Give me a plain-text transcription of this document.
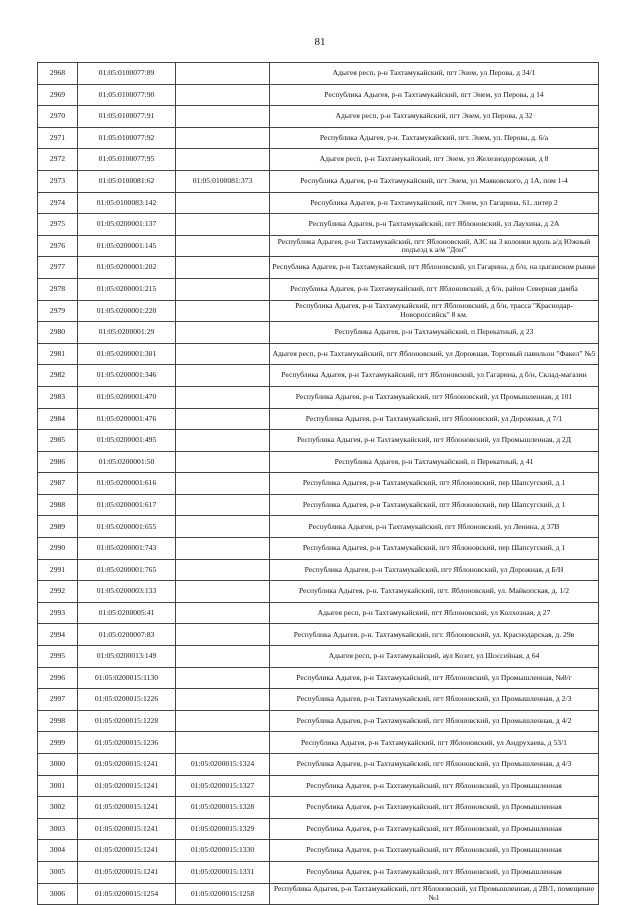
81
2968	01:05:0100077:89		Адыгея респ, р-н Тахтамукайский, пгт Энем, ул Перова, д 34/1
2969	01:05:0100077:90		Республика Адыгея, р-н Тахтамукайский, пгт Энем, ул Перова, д 14
2970	01:05:0100077:91		Адыгея респ, р-н Тахтамукайский, пгт Энем, ул Перова, д 32
2971	01:05:0100077:92		Республика Адыгея, р-н. Тахтамукайский, пгт. Энем, ул. Перова, д. 6/а
2972	01:05:0100077:95		Адыгея респ, р-н Тахтамукайский, пгт Энем, ул Железнодорожная, д 8
2973	01:05:0100081:62	01:05:0100081:373	Республика Адыгея, р-н Тахтамукайский, пгт Энем, ул Маяковского, д 1А, пом 1-4
2974	01:05:0100083:142		Республика Адыгея, р-н Тахтамукайский, пгт Энем, ул Гагарина, 61, литер 2
2975	01:05:0200001:137		Республика Адыгея, р-н Тахтамукайский, пгт Яблоновский, ул Лаухина, д 2А
2976	01:05:0200001:145		Республика Адыгея, р-н Тахтамукайский, пгт Яблоновский, АЗС на 3 колонки вдоль а/д Южный подъезд к а/м "Дон"
2977	01:05:0200001:202		Республика Адыгея, р-н Тахтамукайский, пгт Яблоновский, ул Гагарина, д б/н, на цыганском рынке
2978	01:05:0200001:215		Республика Адыгея, р-н Тахтамукайский, пгт Яблоновский, д б/н, район Северная дамба
2979	01:05:0200001:220		Республика Адыгея, р-н Тахтамукайский, пгт Яблоновский, д б/н, трасса "Краснодар-Новороссийск" 8 км.
2980	01:05:0200001:29		Республика Адыгея, р-н Тахтамукайский, п Перекатный, д 23
2981	01:05:0200001:301		Адыгея респ, р-н Тахтамукайский, пгт Яблоновский, ул Дорожная, Торговый павильон "Факел" №5
2982	01:05:0200001:346		Республика Адыгея, р-н Тахтамукайский, пгт Яблоновский, ул Гагарина, д б/н, Склад-магазин
2983	01:05:0200001:470		Республика Адыгея, р-н Тахтамукайский, пгт Яблоновский, ул Промышленная, д 101
2984	01:05:0200001:476		Республика Адыгея, р-н Тахтамукайский, пгт Яблоновский, ул Дорожная, д 7/1
2985	01:05:0200001:495		Республика Адыгея, р-н Тахтамукайский, пгт Яблоновский, ул Промышленная, д 2Д
2986	01:05:0200001:50		Республика Адыгея, р-н Тахтамукайский, п Перекатный, д 41
2987	01:05:0200001:616		Республика Адыгея, р-н Тахтамукайский, пгт Яблоновский, пер Шапсугский, д 1
2988	01:05:0200001:617		Республика Адыгея, р-н Тахтамукайский, пгт Яблоновский, пер Шапсугский, д 1
2989	01:05:0200001:655		Республика Адыгея, р-н Тахтамукайский, пгт Яблоновский, ул Ленина, д 37В
2990	01:05:0200001:743		Республика Адыгея, р-н Тахтамукайский, пгт Яблоновский, пер Шапсугский, д 1
2991	01:05:0200001:765		Республика Адыгея, р-н Тахтамукайский, пгт Яблоновский, ул Дорожная, д Б/Н
2992	01:05:0200003:133		Республика Адыгея, р-н. Тахтамукайский, пгт. Яблоновский, ул. Майкопская, д. 1/2
2993	01:05:0200005:41		Адыгея респ, р-н Тахтамукайский, пгт Яблоновский, ул Колхозная, д 27
2994	01:05:0200007:83		Республика Адыгея, р-н. Тахтамукайский, пгт. Яблоновский, ул. Краснодарская, д. 29в
2995	01:05:0200013:149		Адыгея респ, р-н Тахтамукайский, аул Козет, ул Шоссейная, д 64
2996	01:05:0200015:1130		Республика Адыгея, р-н Тахтамукайский, пгт Яблоновский, ул Промышленная, №8/г
2997	01:05:0200015:1226		Республика Адыгея, р-н Тахтамукайский, пгт Яблоновский, ул Промышленная, д 2/3
2998	01:05:0200015:1228		Республика Адыгея, р-н Тахтамукайский, пгт Яблоновский, ул Промышленная, д 4/2
2999	01:05:0200015:1236		Республика Адыгея, р-н Тахтамукайский, пгт Яблоновский, ул Андрухаева, д 53/1
3000	01:05:0200015:1241	01:05:0200015:1324	Республика Адыгея, р-н Тахтамукайский, пгт Яблоновский, ул Промышленная, д 4/3
3001	01:05:0200015:1241	01:05:0200015:1327	Республика Адыгея, р-н Тахтамукайский, пгт Яблоновский, ул Промышленная
3002	01:05:0200015:1241	01:05:0200015:1328	Республика Адыгея, р-н Тахтамукайский, пгт Яблоновский, ул Промышленная
3003	01:05:0200015:1241	01:05:0200015:1329	Республика Адыгея, р-н Тахтамукайский, пгт Яблоновский, ул Промышленная
3004	01:05:0200015:1241	01:05:0200015:1330	Республика Адыгея, р-н Тахтамукайский, пгт Яблоновский, ул Промышленная
3005	01:05:0200015:1241	01:05:0200015:1331	Республика Адыгея, р-н Тахтамукайский, пгт Яблоновский, ул Промышленная
3006	01:05:0200015:1254	01:05:0200015:1258	Республика Адыгея, р-н Тахтамукайский, пгт Яблоновский, ул Промышленная, д 2В/1, помещение №1
